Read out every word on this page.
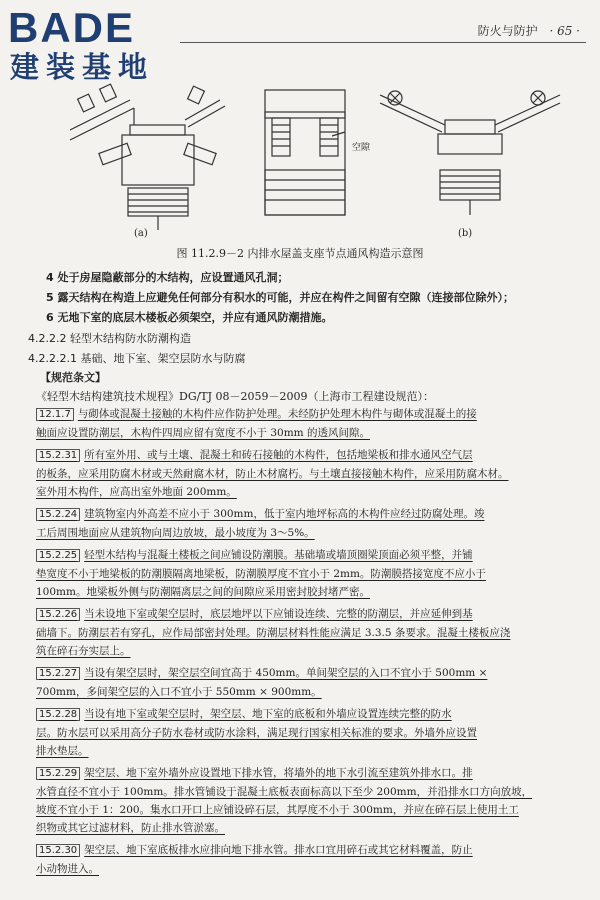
BADE
建装基地
防火与防护 · 65 ·
(a)	(b)
空隙
图 11.2.9－2 内排水屋盖支座节点通风构造示意图
4 处于房屋隐蔽部分的木结构，应设置通风孔洞；
5 露天结构在构造上应避免任何部分有积水的可能，并应在构件之间留有空隙（连接部位除外）；
6 无地下室的底层木楼板必须架空，并应有通风防潮措施。
4.2.2.2 轻型木结构防水防潮构造
4.2.2.2.1 基础、地下室、架空层防水与防腐
【规范条文】
《轻型木结构建筑技术规程》DG/TJ 08－2059－2009（上海市工程建设规范）：

12.1.7 与砌体或混凝土接触的木构件应作防护处理。未经防护处理木构件与砌体或混凝土的接

触面应设置防潮层，木构件四周应留有宽度不小于 30mm 的透风间隙。

15.2.31 所有室外用、或与土壤、混凝土和砖石接触的木构件，包括地梁板和排水通风空气层

的板条，应采用防腐木材或天然耐腐木材，防止木材腐朽。与土壤直接接触木构件，应采用防腐木材。

室外用木构件，应高出室外地面 200mm。

15.2.24 建筑物室内外高差不应小于 300mm，低于室内地坪标高的木构件应经过防腐处理。竣

工后周围地面应从建筑物向周边放坡，最小坡度为 3～5%。

15.2.25 轻型木结构与混凝土楼板之间应铺设防潮膜。基础墙或墙顶圈梁顶面必须平整，并铺

垫宽度不小于地梁板的防潮膜隔离地梁板，防潮膜厚度不宜小于 2mm。防潮膜搭接宽度不应小于

100mm。地梁板外侧与防潮隔离层之间的间隙应采用密封胶封堵严密。

15.2.26 当未设地下室或架空层时，底层地坪以下应铺设连续、完整的防潮层，并应延伸到基

础墙下。防潮层若有穿孔，应作局部密封处理。防潮层材料性能应满足 3.3.5 条要求。混凝土楼板应浇

筑在碎石夯实层上。

15.2.27 当设有架空层时，架空层空间宜高于 450mm。单间架空层的入口不宜小于 500mm ×

700mm，多间架空层的入口不宜小于 550mm × 900mm。

15.2.28 当设有地下室或架空层时，架空层、地下室的底板和外墙应设置连续完整的防水

层。防水层可以采用高分子防水卷材或防水涂料，满足现行国家相关标准的要求。外墙外应设置

排水垫层。

15.2.29 架空层、地下室外墙外应设置地下排水管，将墙外的地下水引流至建筑外排水口。排

水管直径不宜小于 100mm。排水管铺设于混凝土底板表面标高以下至少 200mm，并沿排水口方向放坡，

坡度不宜小于 1：200。集水口开口上应铺设碎石层，其厚度不小于 300mm，并应在碎石层上使用土工

织物或其它过滤材料，防止排水管淤塞。

15.2.30 架空层、地下室底板排水应排向地下排水管。排水口宜用碎石或其它材料覆盖，防止

小动物进入。
